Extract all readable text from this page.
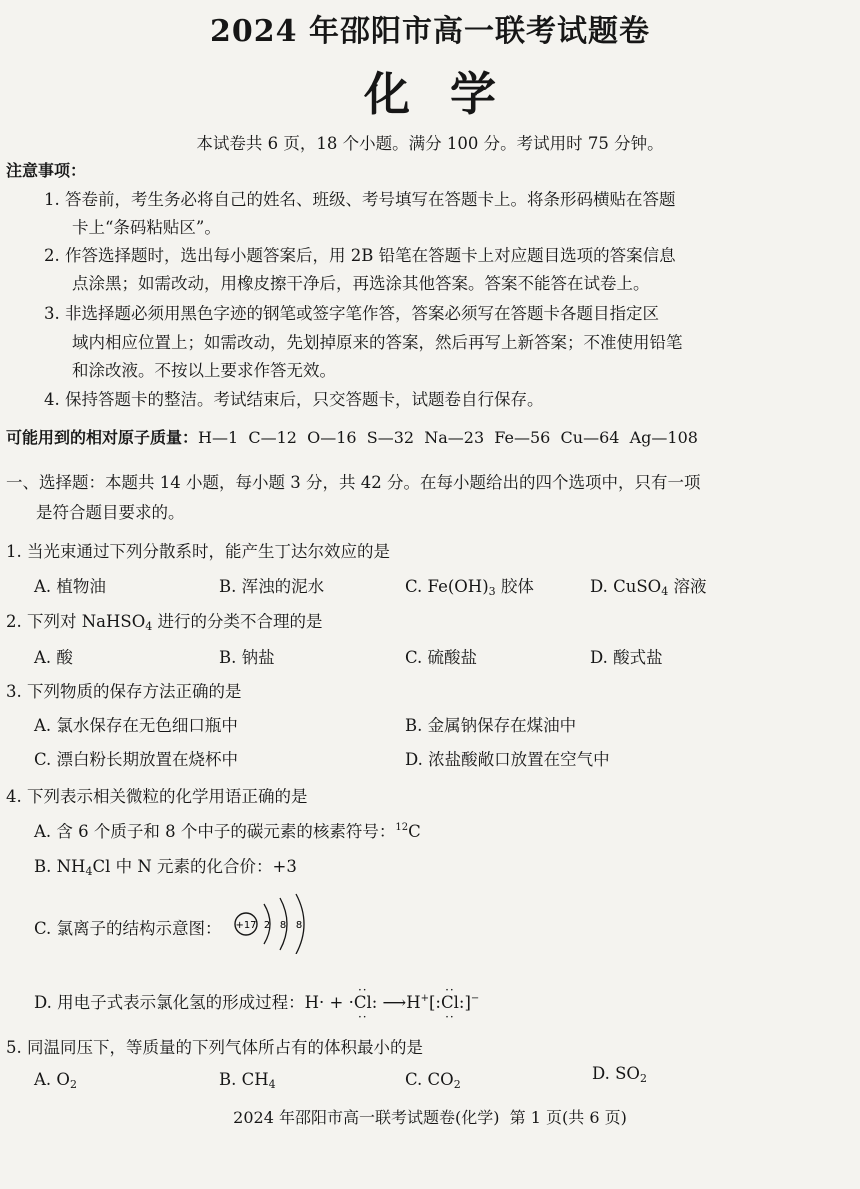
2024 年邵阳市高一联考试题卷
化学
本试卷共 6 页，18 个小题。满分 100 分。考试用时 75 分钟。
注意事项：
1. 答卷前，考生务必将自己的姓名、班级、考号填写在答题卡上。将条形码横贴在答题
卡上“条码粘贴区”。
2. 作答选择题时，选出每小题答案后，用 2B 铅笔在答题卡上对应题目选项的答案信息
点涂黑；如需改动，用橡皮擦干净后，再选涂其他答案。答案不能答在试卷上。
3. 非选择题必须用黑色字迹的钢笔或签字笔作答，答案必须写在答题卡各题目指定区
域内相应位置上；如需改动，先划掉原来的答案，然后再写上新答案；不准使用铅笔
和涂改液。不按以上要求作答无效。
4. 保持答题卡的整洁。考试结束后，只交答题卡，试题卷自行保存。
可能用到的相对原子质量：H—1  C—12  O—16  S—32  Na—23  Fe—56  Cu—64  Ag—108
一、选择题：本题共 14 小题，每小题 3 分，共 42 分。在每小题给出的四个选项中，只有一项
是符合题目要求的。
1. 当光束通过下列分散系时，能产生丁达尔效应的是
A. 植物油	B. 浑浊的泥水	C. $Fe(OH)_3$ 胶体	D. CuSO$_4$ 溶液
2. 下列对 NaHSO$_4$ 进行的分类不合理的是
A. 酸	B. 钠盐	C. 硫酸盐	D. 酸式盐
3. 下列物质的保存方法正确的是
A. 氯水保存在无色细口瓶中	B. 金属钠保存在煤油中
C. 漂白粉长期放置在烧杯中	D. 浓盐酸敞口放置在空气中
4. 下列表示相关微粒的化学用语正确的是
A. 含 6 个质子和 8 个中子的碳元素的核素符号：$^{12}$C
B. $NH_4Cl$ 中 N 元素的化合价：+3
C. 氯离子的结构示意图： +17 2 8 8
D. 用电子式表示氯化氢的形成过程：H· + ·
··
Cl
··
: ⟶H+[:
··
Cl
··
:]−
5. 同温同压下，等质量的下列气体所占有的体积最小的是
A. $O_2$	B. $CH_4$	C. $CO_2$
D. $SO_2$
2024 年邵阳市高一联考试题卷(化学)  第 1 页(共 6 页)
